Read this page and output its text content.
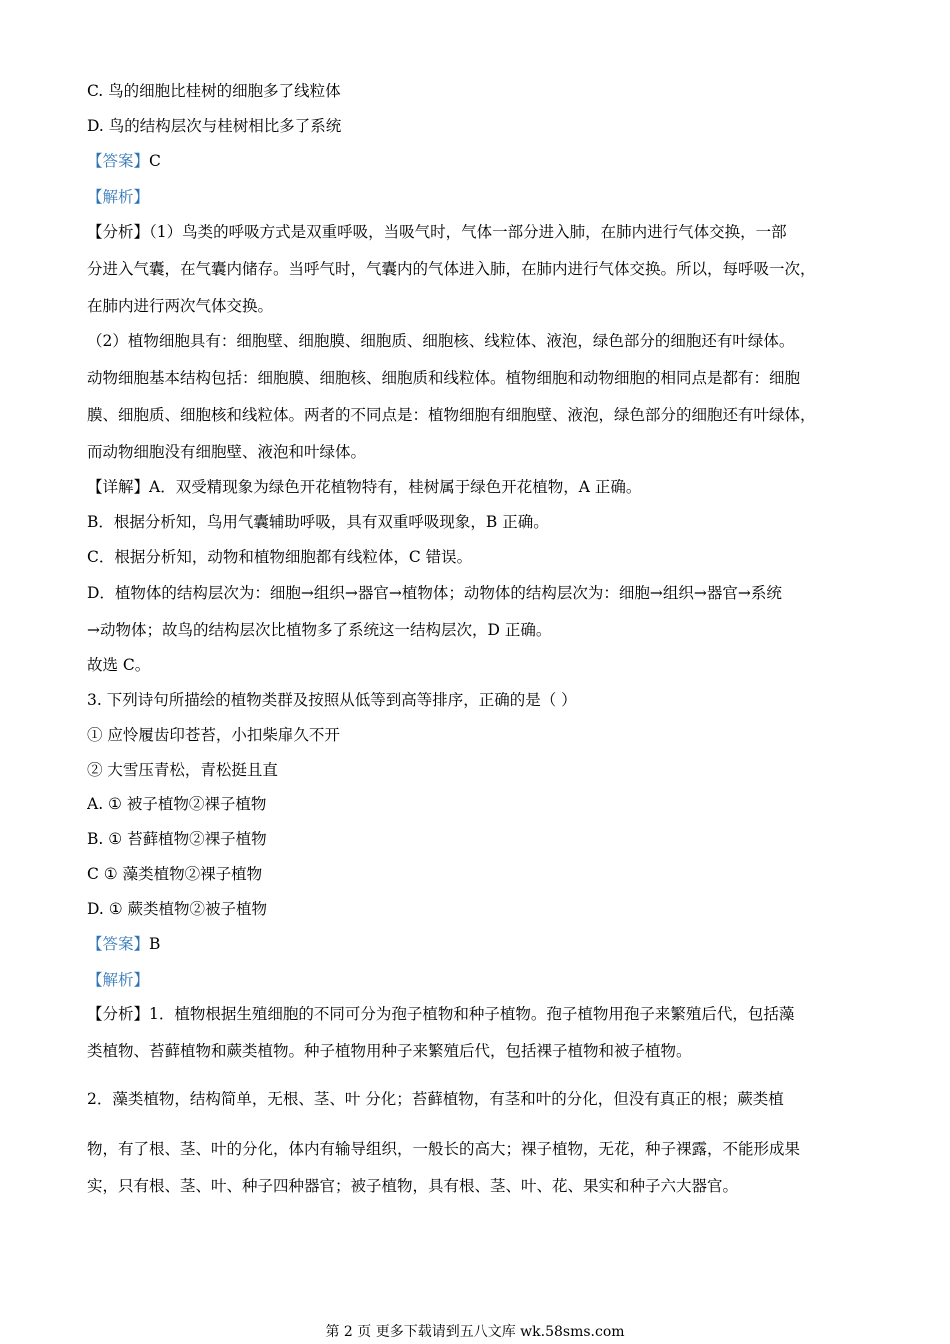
C. 鸟的细胞比桂树的细胞多了线粒体
D. 鸟的结构层次与桂树相比多了系统
【答案】C
【解析】
【分析】（1）鸟类的呼吸方式是双重呼吸，当吸气时，气体一部分进入肺，在肺内进行气体交换，一部
分进入气囊，在气囊内储存。当呼气时，气囊内的气体进入肺，在肺内进行气体交换。所以，每呼吸一次，
在肺内进行两次气体交换。
（2）植物细胞具有：细胞壁、细胞膜、细胞质、细胞核、线粒体、液泡，绿色部分的细胞还有叶绿体。
动物细胞基本结构包括：细胞膜、细胞核、细胞质和线粒体。植物细胞和动物细胞的相同点是都有：细胞
膜、细胞质、细胞核和线粒体。两者的不同点是：植物细胞有细胞壁、液泡，绿色部分的细胞还有叶绿体，
而动物细胞没有细胞壁、液泡和叶绿体。
【详解】A．双受精现象为绿色开花植物特有，桂树属于绿色开花植物，A 正确。
B．根据分析知，鸟用气囊辅助呼吸，具有双重呼吸现象，B 正确。
C．根据分析知，动物和植物细胞都有线粒体，C 错误。
D．植物体的结构层次为：细胞→组织→器官→植物体；动物体的结构层次为：细胞→组织→器官→系统
→动物体；故鸟的结构层次比植物多了系统这一结构层次，D 正确。
故选 C。
3. 下列诗句所描绘的植物类群及按照从低等到高等排序，正确的是（ ）
① 应怜履齿印苍苔，小扣柴扉久不开
② 大雪压青松，青松挺且直
A. ① 被子植物②裸子植物
B. ① 苔藓植物②裸子植物
C ① 藻类植物②裸子植物
D. ① 蕨类植物②被子植物
【答案】B
【解析】
【分析】1．植物根据生殖细胞的不同可分为孢子植物和种子植物。孢子植物用孢子来繁殖后代，包括藻
类植物、苔藓植物和蕨类植物。种子植物用种子来繁殖后代，包括裸子植物和被子植物。
2．藻类植物，结构简单，无根、茎、叶 分化；苔藓植物，有茎和叶的分化，但没有真正的根；蕨类植
物，有了根、茎、叶的分化，体内有输导组织，一般长的高大；裸子植物，无花，种子裸露，不能形成果
实，只有根、茎、叶、种子四种器官；被子植物，具有根、茎、叶、花、果实和种子六大器官。
第 2 页 更多下载请到五八文库 wk.58sms.com
